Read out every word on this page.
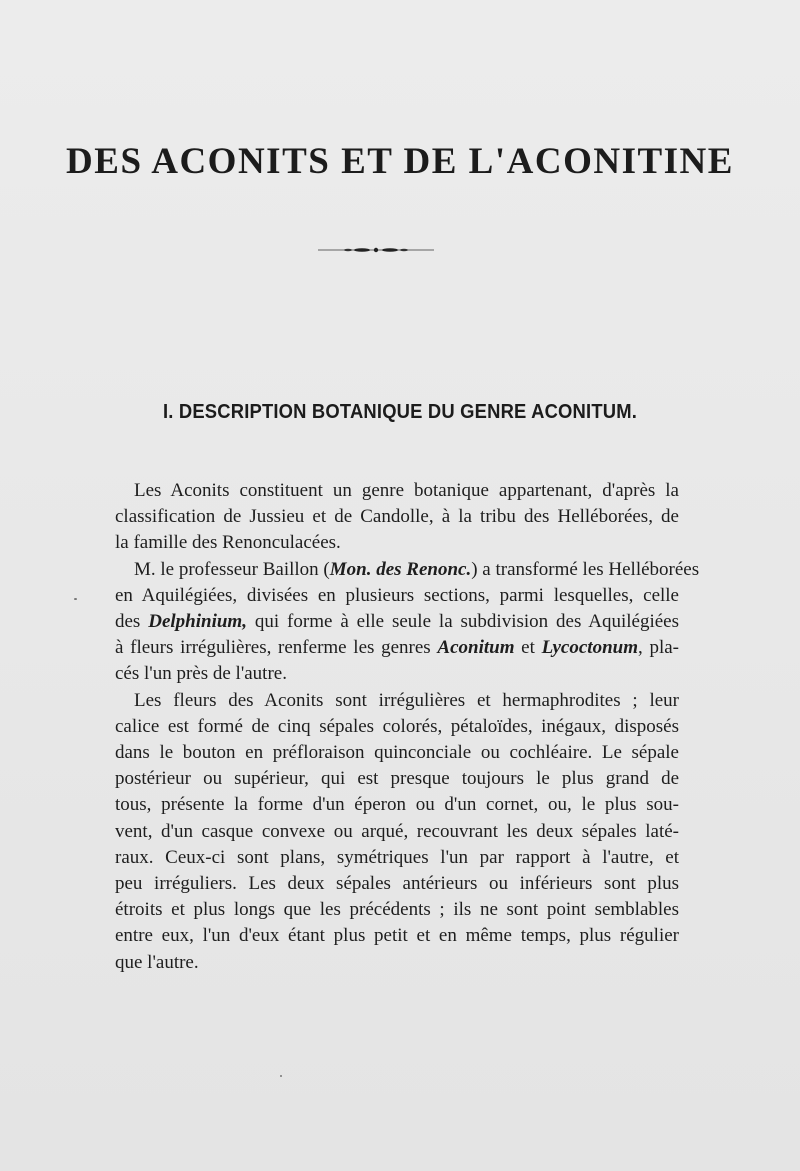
DES ACONITS ET DE L'ACONITINE
I. DESCRIPTION BOTANIQUE DU GENRE ACONITUM.

 Les Aconits constituent un genre botanique appartenant, d'après la
classification de Jussieu et de Candolle, à la tribu des Helléborées, de
la famille des Renonculacées.

 M. le professeur Baillon (Mon. des Renonc.) a transformé les Helléborées
en Aquilégiées, divisées en plusieurs sections, parmi lesquelles, celle
des Delphinium, qui forme à elle seule la subdivision des Aquilégiées
à fleurs irrégulières, renferme les genres Aconitum et Lycoctonum, pla-
cés l'un près de l'autre.

 Les fleurs des Aconits sont irrégulières et hermaphrodites ; leur
calice est formé de cinq sépales colorés, pétaloïdes, inégaux, disposés
dans le bouton en préfloraison quinconciale ou cochléaire. Le sépale
postérieur ou supérieur, qui est presque toujours le plus grand de
tous, présente la forme d'un éperon ou d'un cornet, ou, le plus sou-
vent, d'un casque convexe ou arqué, recouvrant les deux sépales laté-
raux. Ceux-ci sont plans, symétriques l'un par rapport à l'autre, et
peu irréguliers. Les deux sépales antérieurs ou inférieurs sont plus
étroits et plus longs que les précédents ; ils ne sont point semblables
entre eux, l'un d'eux étant plus petit et en même temps, plus régulier
que l'autre.
